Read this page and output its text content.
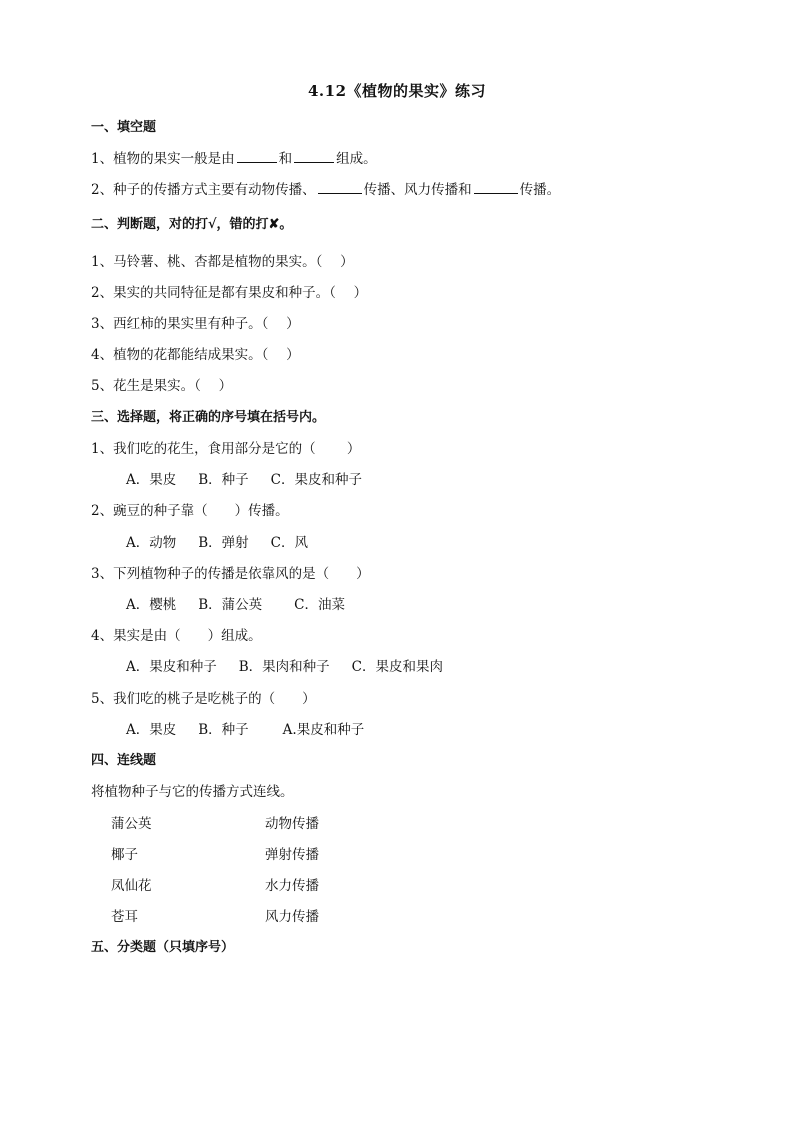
4.12《植物的果实》练习
一、填空题
1、植物的果实一般是由	和	组成。
2、种子的传播方式主要有动物传播、	传播、风力传播和	传播。
二、判断题，对的打√，错的打✘。
1、马铃薯、桃、杏都是植物的果实。（　 ）
2、果实的共同特征是都有果皮和种子。（　 ）
3、西红柿的果实里有种子。（　 ）
4、植物的花都能结成果实。（　 ）
5、花生是果实。（　 ）
三、选择题，将正确的序号填在括号内。
1、我们吃的花生，食用部分是它的（　　 ）
A．果皮 B．种子 C．果皮和种子
2、豌豆的种子靠（　　）传播。
A．动物 B．弹射 C．风
3、下列植物种子的传播是依靠风的是（　　）
A．樱桃 B．蒲公英 C．油菜
4、果实是由（　　）组成。
A．果皮和种子 B．果肉和种子 C．果皮和果肉
5、我们吃的桃子是吃桃子的（　　）
A．果皮 B．种子	A.果皮和种子
四、连线题
将植物种子与它的传播方式连线。
蒲公英	动物传播
椰子	弹射传播
凤仙花	水力传播
苍耳	风力传播
五、分类题（只填序号）
